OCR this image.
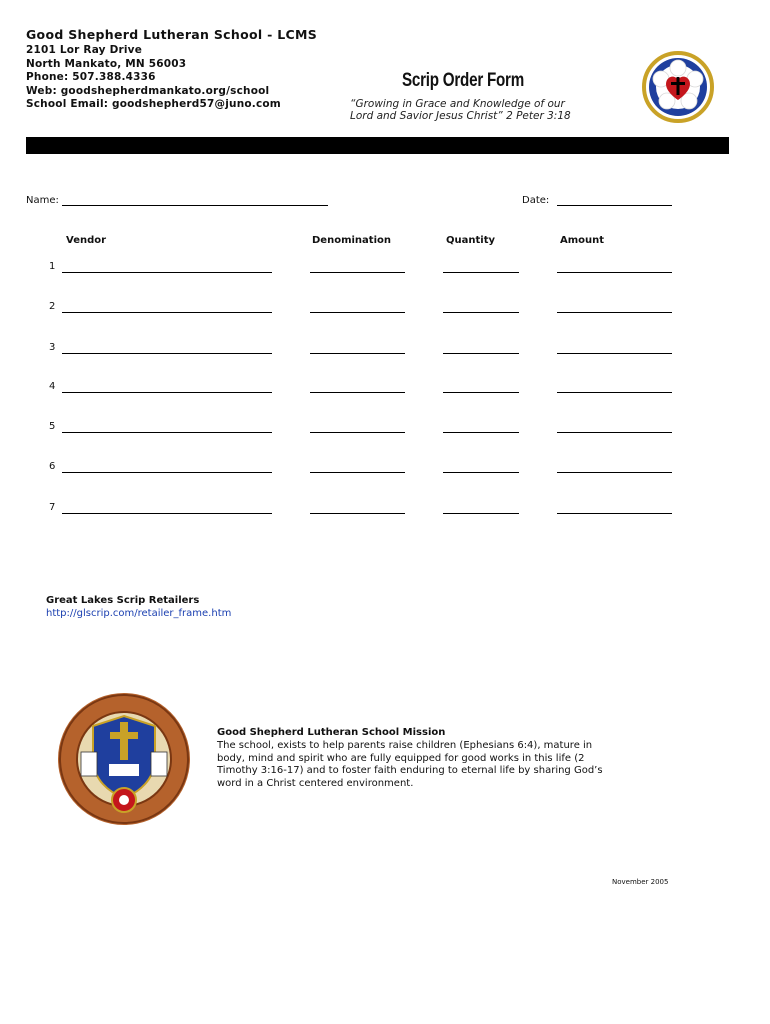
Good Shepherd Lutheran School - LCMS
2101 Lor Ray Drive
North Mankato, MN 56003
Phone: 507.388.4336
Web: goodshepherdmankato.org/school
School Email: goodshepherd57@juno.com
Scrip Order Form
“Growing in Grace and Knowledge of our
Lord and Savior Jesus Christ” 2 Peter 3:18
Name:	Date:
Vendor	Denomination	Quantity	Amount
1
2
3
4
5
6
7
Great Lakes Scrip Retailers
http://glscrip.com/retailer_frame.htm
Good Shepherd Lutheran School Mission
The school, exists to help parents raise children (Ephesians 6:4), mature in body, mind and spirit who are fully equipped for good works in this life (2 Timothy 3:16-17) and to foster faith enduring to eternal life by sharing God’s word in a Christ centered environment.
November 2005
